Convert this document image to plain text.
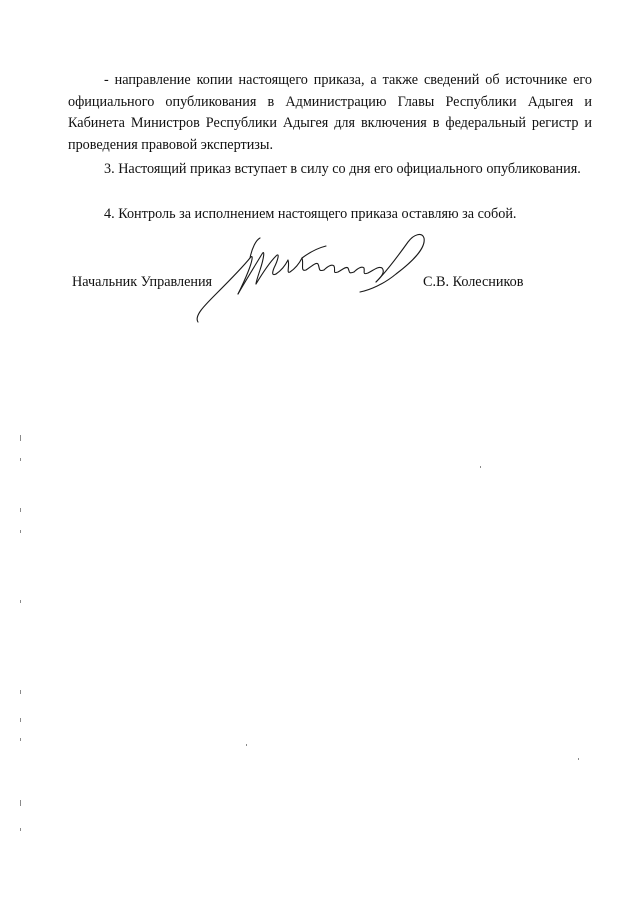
- направление копии настоящего приказа, а также сведений об источнике его официального опубликования в Администрацию Главы Республики Адыгея и Кабинета Министров Республики Адыгея для включения в федеральный регистр и проведения правовой экспертизы.

3. Настоящий приказ вступает в силу со дня его официального опубликования.

4. Контроль за исполнением настоящего приказа оставляю за собой.

Начальник Управления	С.В. Колесников
